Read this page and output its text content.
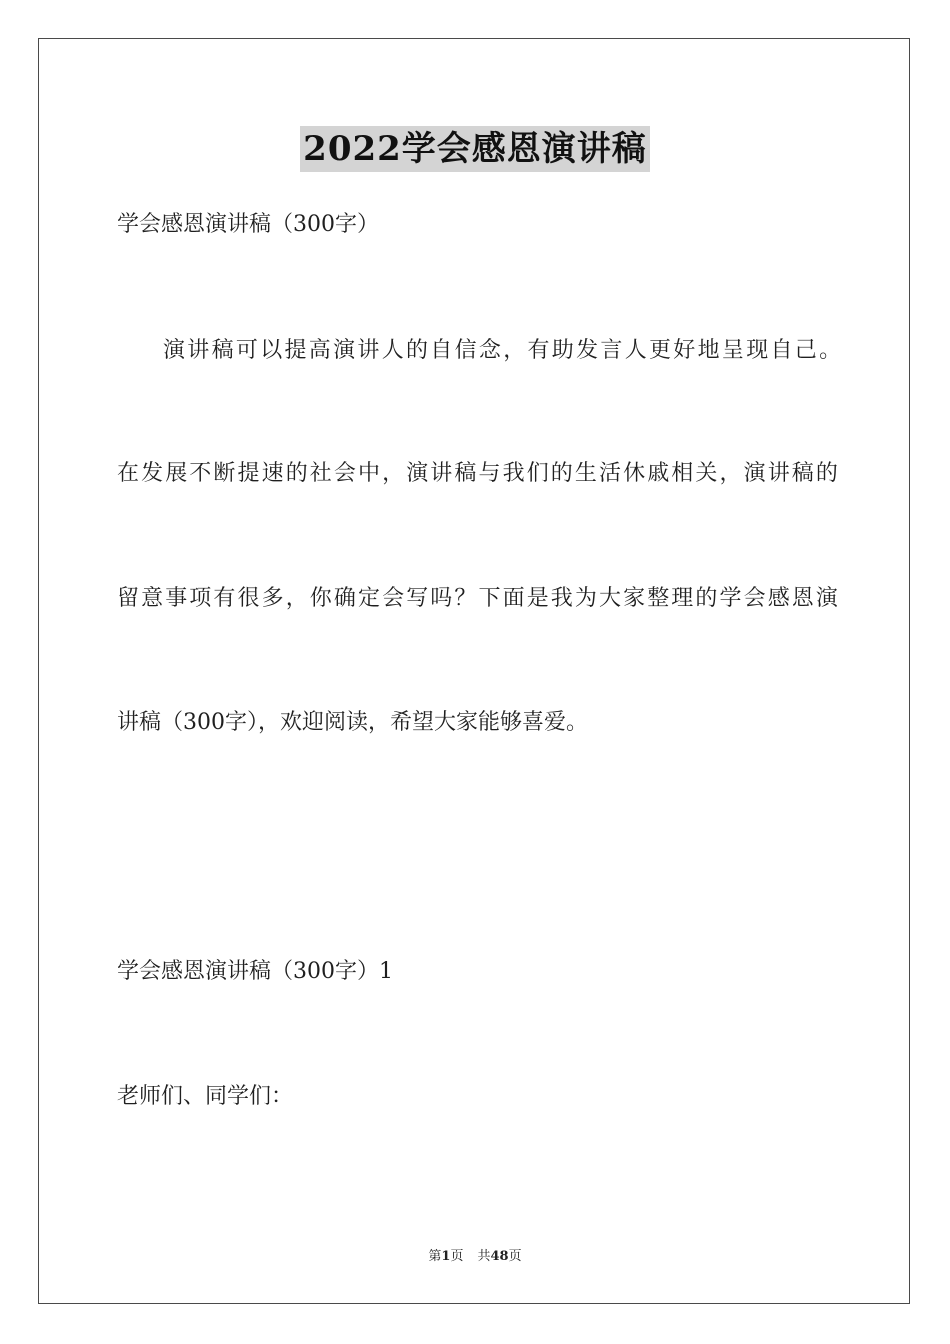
2022学会感恩演讲稿
学会感恩演讲稿（300字）
演讲稿可以提高演讲人的自信念，有助发言人更好地呈现自己。
在发展不断提速的社会中，演讲稿与我们的生活休戚相关，演讲稿的
留意事项有很多，你确定会写吗？下面是我为大家整理的学会感恩演
讲稿（300字），欢迎阅读，希望大家能够喜爱。
学会感恩演讲稿（300字）1
老师们、同学们：
第1页 共48页
